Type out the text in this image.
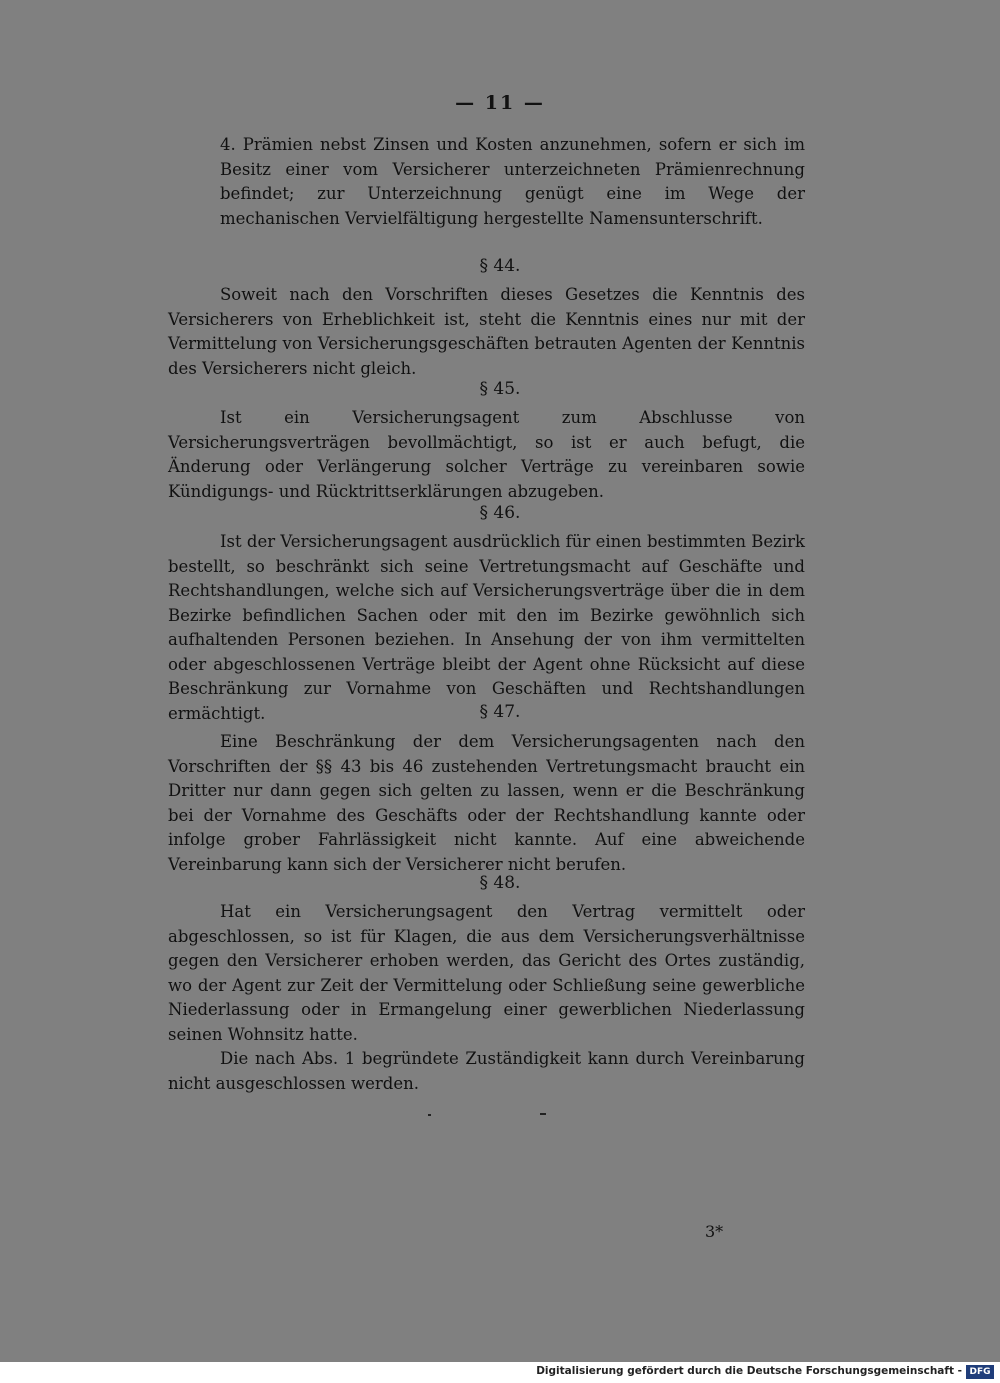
— 11 —
4. Prämien nebst Zinsen und Kosten anzunehmen, sofern er sich im Besitz einer vom Versicherer unterzeichneten Prämienrechnung befindet; zur Unterzeichnung genügt eine im Wege der mechanischen Vervielfältigung hergestellte Namensunterschrift.
§ 44.

Soweit nach den Vorschriften dieses Gesetzes die Kenntnis des Versicherers von Erheblichkeit ist, steht die Kenntnis eines nur mit der Vermittelung von Versicherungsgeschäften betrauten Agenten der Kenntnis des Versicherers nicht gleich.

§ 45.

Ist ein Versicherungsagent zum Abschlusse von Versicherungsverträgen bevollmächtigt, so ist er auch befugt, die Änderung oder Verlängerung solcher Verträge zu vereinbaren sowie Kündigungs- und Rücktrittserklärungen abzugeben.

§ 46.

Ist der Versicherungsagent ausdrücklich für einen bestimmten Bezirk bestellt, so beschränkt sich seine Vertretungsmacht auf Geschäfte und Rechtshandlungen, welche sich auf Versicherungsverträge über die in dem Bezirke befindlichen Sachen oder mit den im Bezirke gewöhnlich sich aufhaltenden Personen beziehen. In Ansehung der von ihm vermittelten oder abgeschlossenen Verträge bleibt der Agent ohne Rücksicht auf diese Beschränkung zur Vornahme von Geschäften und Rechtshandlungen ermächtigt.	§ 47.

Eine Beschränkung der dem Versicherungsagenten nach den Vorschriften der §§ 43 bis 46 zustehenden Vertretungsmacht braucht ein Dritter nur dann gegen sich gelten zu lassen, wenn er die Beschränkung bei der Vornahme des Geschäfts oder der Rechtshandlung kannte oder infolge grober Fahrlässigkeit nicht kannte. Auf eine abweichende Vereinbarung kann sich der Versicherer nicht berufen.

§ 48.

Hat ein Versicherungsagent den Vertrag vermittelt oder abgeschlossen, so ist für Klagen, die aus dem Versicherungsverhältnisse gegen den Versicherer erhoben werden, das Gericht des Ortes zuständig, wo der Agent zur Zeit der Vermittelung oder Schließung seine gewerbliche Niederlassung oder in Ermangelung einer gewerblichen Niederlassung seinen Wohnsitz hatte.

Die nach Abs. 1 begründete Zuständigkeit kann durch Vereinbarung nicht ausgeschlossen werden.

3*
Digitalisierung gefördert durch die Deutsche Forschungsgemeinschaft - DFG
